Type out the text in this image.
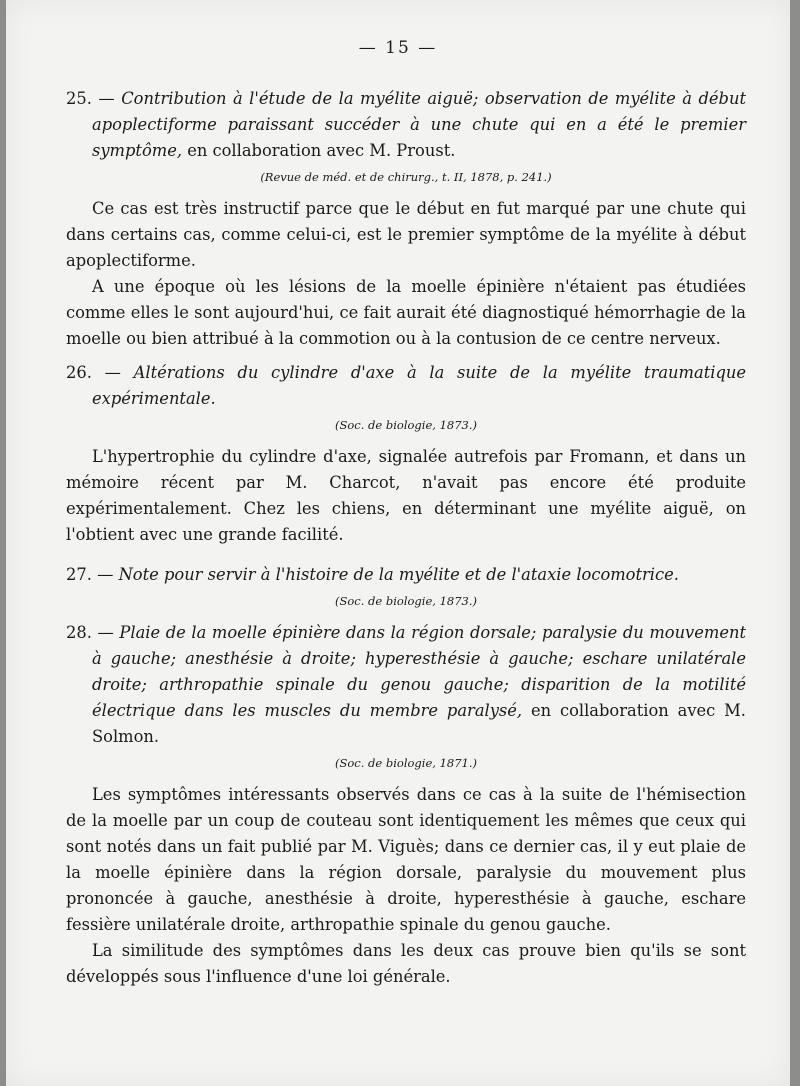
— 15 —

25. — Contribution à l'étude de la myélite aiguë; observation de myélite à début apoplectiforme paraissant succéder à une chute qui en a été le premier symptôme, en collaboration avec M. Proust.

(Revue de méd. et de chirurg., t. II, 1878, p. 241.)

Ce cas est très instructif parce que le début en fut marqué par une chute qui dans certains cas, comme celui-ci, est le premier symptôme de la myélite à début apoplectiforme.

A une époque où les lésions de la moelle épinière n'étaient pas étudiées comme elles le sont aujourd'hui, ce fait aurait été diagnostiqué hémorrhagie de la moelle ou bien attribué à la commotion ou à la contusion de ce centre nerveux.

26. — Altérations du cylindre d'axe à la suite de la myélite traumatique expérimentale.

(Soc. de biologie, 1873.)

L'hypertrophie du cylindre d'axe, signalée autrefois par Fromann, et dans un mémoire récent par M. Charcot, n'avait pas encore été produite expérimentalement. Chez les chiens, en déterminant une myélite aiguë, on l'obtient avec une grande facilité.

27. — Note pour servir à l'histoire de la myélite et de l'ataxie locomotrice.

(Soc. de biologie, 1873.)

28. — Plaie de la moelle épinière dans la région dorsale; paralysie du mouvement à gauche; anesthésie à droite; hyperesthésie à gauche; eschare unilatérale droite; arthropathie spinale du genou gauche; disparition de la motilité électrique dans les muscles du membre paralysé, en collaboration avec M. Solmon.

(Soc. de biologie, 1871.)

Les symptômes intéressants observés dans ce cas à la suite de l'hémisection de la moelle par un coup de couteau sont identiquement les mêmes que ceux qui sont notés dans un fait publié par M. Viguès; dans ce dernier cas, il y eut plaie de la moelle épinière dans la région dorsale, paralysie du mouvement plus prononcée à gauche, anesthésie à droite, hyperesthésie à gauche, eschare fessière unilatérale droite, arthropathie spinale du genou gauche.

La similitude des symptômes dans les deux cas prouve bien qu'ils se sont développés sous l'influence d'une loi générale.
